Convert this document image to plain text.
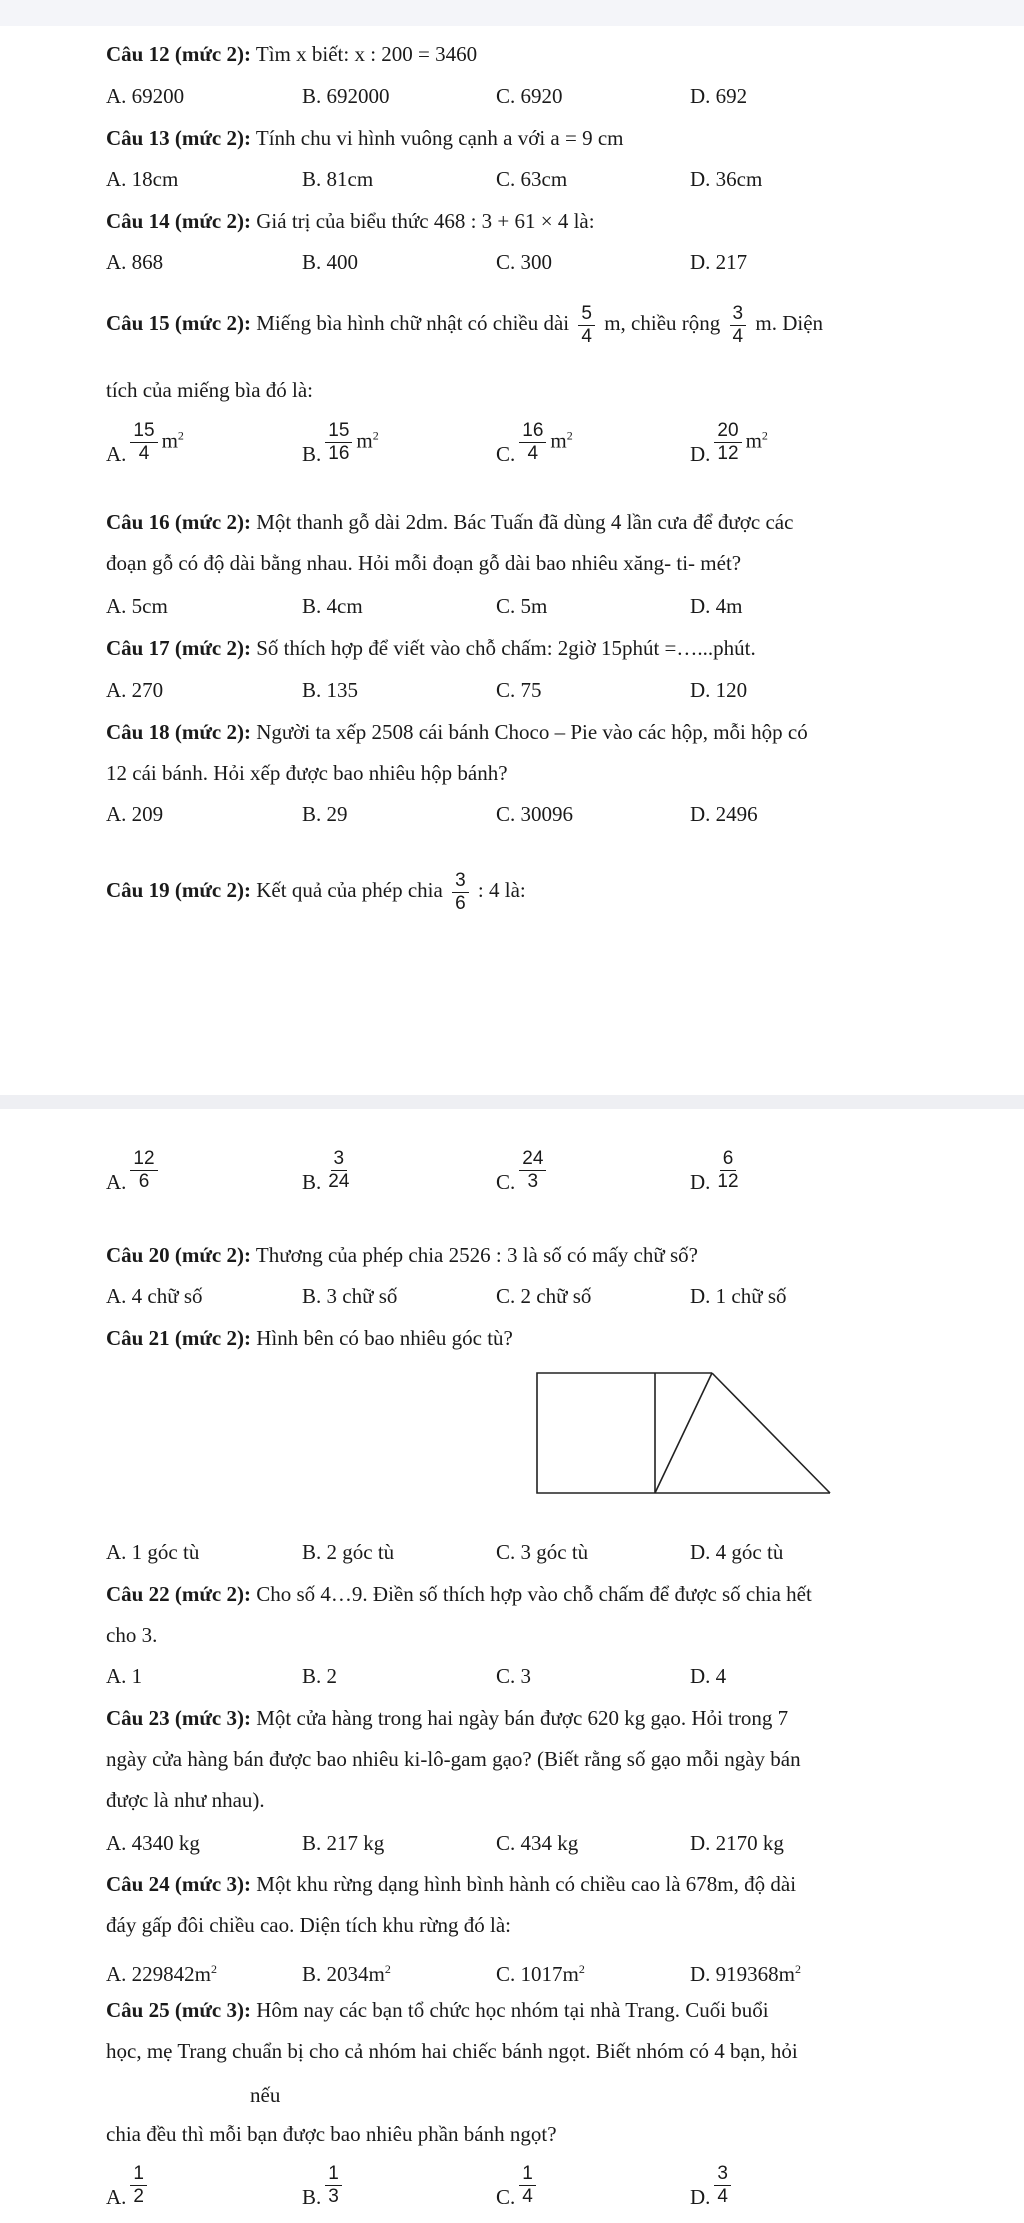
Câu 12 (mức 2): Tìm x biết: x : 200 = 3460
A. 69200	B. 692000	C. 6920	D. 692
Câu 13 (mức 2): Tính chu vi hình vuông cạnh a với a = 9 cm
A. 18cm	B. 81cm	C. 63cm	D. 36cm
Câu 14 (mức 2): Giá trị của biểu thức 468 : 3 + 61 × 4 là:
A. 868	B. 400	C. 300	D. 217
Câu 15 (mức 2): Miếng bìa hình chữ nhật có chiều dài $\frac{5}{4} m$, chiều rộng $\frac{3}{4} m$. Diện
tích của miếng bìa đó là:
A. $\frac{15}{4} m^2$
B. $\frac{15}{16} m^2$
C. $\frac{16}{4} m^2$
D. $\frac{20}{12} m^2$
Câu 16 (mức 2): Một thanh gỗ dài 2dm. Bác Tuấn đã dùng 4 lần cưa để được các
đoạn gỗ có độ dài bằng nhau. Hỏi mỗi đoạn gỗ dài bao nhiêu xăng- ti- mét?
A. 5cm	B. 4cm	C. 5m	D. 4m
Câu 17 (mức 2): Số thích hợp để viết vào chỗ chấm: 2giờ 15phút =…...phút.
A. 270	B. 135	C. 75	D. 120
Câu 18 (mức 2): Người ta xếp 2508 cái bánh Choco – Pie vào các hộp, mỗi hộp có
12 cái bánh. Hỏi xếp được bao nhiêu hộp bánh?
A. 209	B. 29	C. 30096	D. 2496
Câu 19 (mức 2): Kết quả của phép chia $\frac{3}{6}$ : 4 là:
A. $\frac{12}{6}$	B. $\frac{3}{24}$	C. $\frac{24}{3}$	D. $\frac{6}{12}$
Câu 20 (mức 2): Thương của phép chia 2526 : 3 là số có mấy chữ số?
A. 4 chữ số	B. 3 chữ số	C. 2 chữ số	D. 1 chữ số
Câu 21 (mức 2): Hình bên có bao nhiêu góc tù?
A. 1 góc tù	B. 2 góc tù	C. 3 góc tù	D. 4 góc tù
Câu 22 (mức 2): Cho số 4…9. Điền số thích hợp vào chỗ chấm để được số chia hết
cho 3.
A. 1	B. 2	C. 3	D. 4
Câu 23 (mức 3): Một cửa hàng trong hai ngày bán được 620 kg gạo. Hỏi trong 7
ngày cửa hàng bán được bao nhiêu ki-lô-gam gạo? (Biết rằng số gạo mỗi ngày bán
được là như nhau).
A. 4340 kg	B. 217 kg	C. 434 kg	D. 2170 kg
Câu 24 (mức 3): Một khu rừng dạng hình bình hành có chiều cao là 678m, độ dài
đáy gấp đôi chiều cao. Diện tích khu rừng đó là:
A. $229842m^2$	B. $2034m^2$	C. $1017m^2$	D. $919368m^2$
Câu 25 (mức 3): Hôm nay các bạn tổ chức học nhóm tại nhà Trang. Cuối buổi
học, mẹ Trang chuẩn bị cho cả nhóm hai chiếc bánh ngọt. Biết nhóm có 4 bạn, hỏi
nếu
chia đều thì mỗi bạn được bao nhiêu phần bánh ngọt?
A. $\frac{1}{2}$	B. $\frac{1}{3}$	C. $\frac{1}{4}$	D. $\frac{3}{4}$
